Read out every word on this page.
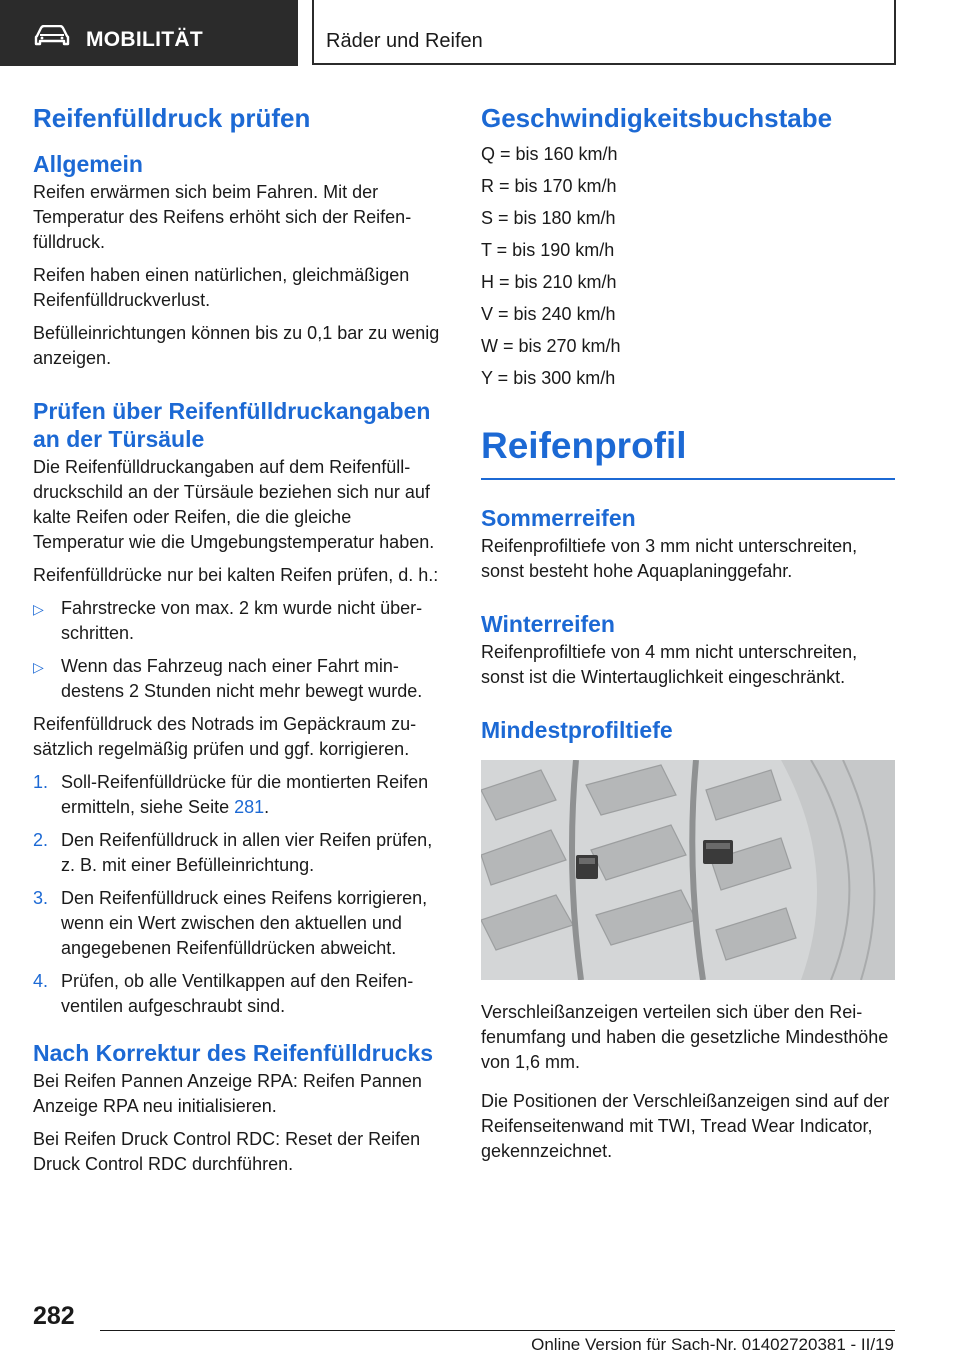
MOBILITÄT	Räder und Reifen
Reifenfülldruck prüfen
Allgemein

Reifen erwärmen sich beim Fahren. Mit der Temperatur des Reifens erhöht sich der Reifenfülldruck.

Reifen haben einen natürlichen, gleichmäßigen Reifenfülldruckverlust.

Befülleinrichtungen können bis zu 0,1 bar zu wenig anzeigen.

Prüfen über Reifenfülldruckangaben an der Türsäule

Die Reifenfülldruckangaben auf dem Reifenfülldruckschild an der Türsäule beziehen sich nur auf kalte Reifen oder Reifen, die die gleiche Temperatur wie die Umgebungstemperatur haben.

Reifenfülldrücke nur bei kalten Reifen prüfen, d. h.:

▷ Fahrstrecke von max. 2 km wurde nicht überschritten.
▷ Wenn das Fahrzeug nach einer Fahrt mindestens 2 Stunden nicht mehr bewegt wurde.

Reifenfülldruck des Notrads im Gepäckraum zusätzlich regelmäßig prüfen und ggf. korrigieren.

1. Soll-Reifenfülldrücke für die montierten Reifen ermitteln, siehe Seite 281.
2. Den Reifenfülldruck in allen vier Reifen prüfen, z. B. mit einer Befülleinrichtung.
3. Den Reifenfülldruck eines Reifens korrigieren, wenn ein Wert zwischen den aktuellen und angegebenen Reifenfülldrücken abweicht.
4. Prüfen, ob alle Ventilkappen auf den Reifenventilen aufgeschraubt sind.
Nach Korrektur des Reifenfülldrucks

Bei Reifen Pannen Anzeige RPA: Reifen Pannen Anzeige RPA neu initialisieren.

Bei Reifen Druck Control RDC: Reset der Reifen Druck Control RDC durchführen.

Geschwindigkeitsbuchstabe
Q = bis 160 km/h
R = bis 170 km/h
S = bis 180 km/h
T = bis 190 km/h
H = bis 210 km/h
V = bis 240 km/h
W = bis 270 km/h
Y = bis 300 km/h
Reifenprofil
Sommerreifen

Reifenprofiltiefe von 3 mm nicht unterschreiten, sonst besteht hohe Aquaplaninggefahr.

Winterreifen

Reifenprofiltiefe von 4 mm nicht unterschreiten, sonst ist die Wintertauglichkeit eingeschränkt.

Mindestprofiltiefe

Verschleißanzeigen verteilen sich über den Reifenumfang und haben die gesetzliche Mindesthöhe von 1,6 mm.

Die Positionen der Verschleißanzeigen sind auf der Reifenseitenwand mit TWI, Tread Wear Indicator, gekennzeichnet.

282
Online Version für Sach-Nr. 01402720381 - II/19
